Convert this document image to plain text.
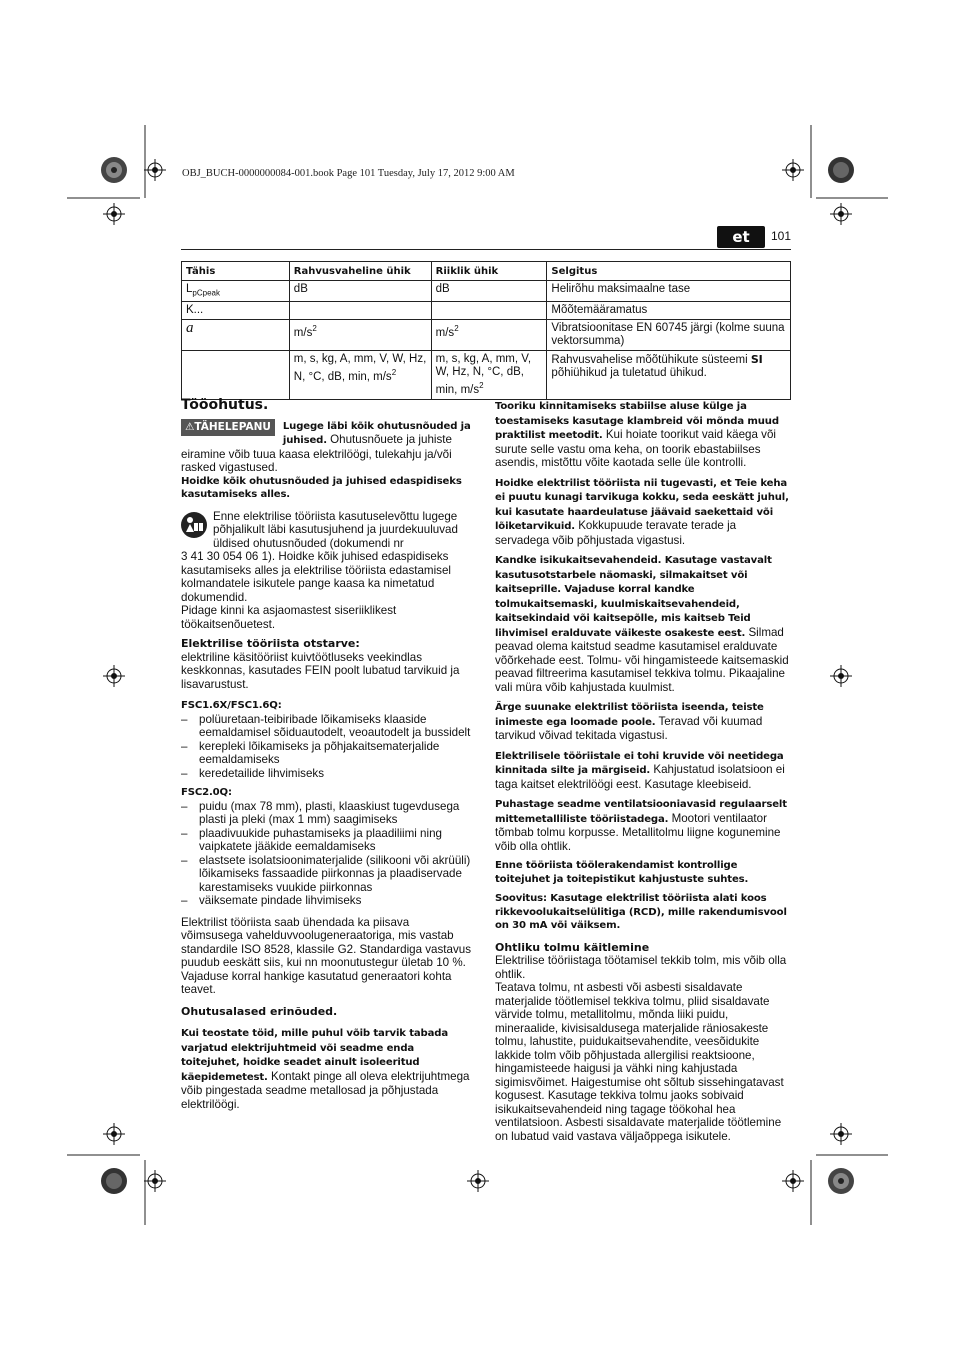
OBJ_BUCH-0000000084-001.book Page 101 Tuesday, July 17, 2012 9:00 AM
et	101
Tähis	Rahvusvaheline ühik	Riiklik ühik	Selgitus
$L_{pCpeak}$	dB	dB	Helirõhu maksimaalne tase
K...			Mõõtemääramatus
a	$m/s^2$	$m/s^2$	Vibratsioonitase EN 60745 järgi (kolme suuna vektorsumma)
	m, s, kg, A, mm, V, W, Hz, N, °C, dB, min, $m/s^2$	m, s, kg, A, mm, V, W, Hz, N, °C, dB, min, $m/s^2$	Rahvusvahelise mõõtühikute süsteemi SI põhiühikud ja tuletatud ühikud.

Tööohutus.

⚠TÄHELEPANU	Lugege läbi kõik ohutusnõuded ja juhised. Ohutusnõuete ja juhiste eiramine võib tuua kaasa elektrilöögi, tulekahju ja/või rasked vigastused.

Hoidke kõik ohutusnõuded ja juhised edaspidiseks kasutamiseks alles.

Enne elektrilise tööriista kasutuselevõttu lugege põhjalikult läbi kasutusjuhend ja juurdekuuluvad üldised ohutusnõuded (dokumendi nr

3 41 30 054 06 1). Hoidke kõik juhised edaspidiseks kasutamiseks alles ja elektrilise tööriista edastamisel kolmandatele isikutele pange kaasa ka nimetatud dokumendid.

Pidage kinni ka asjaomastest siseriiklikest töökaitsenõuetest.

Elektrilise tööriista otstarve:

elektriline käsitööriist kuivtöötluseks veekindlas keskkonnas, kasutades FEIN poolt lubatud tarvikuid ja lisavarustust.

FSC1.6X/FSC1.6Q:

– polüuretaan-teibiribade lõikamiseks klaaside eemaldamisel sõiduautodelt, veoautodelt ja bussidelt
– kerepleki lõikamiseks ja põhjakaitsematerjalide eemaldamiseks
– keredetailide lihvimiseks

FSC2.0Q:

– puidu (max 78 mm), plasti, klaaskiust tugevdusega plasti ja pleki (max 1 mm) saagimiseks
– plaadivuukide puhastamiseks ja plaadiliimi ning vaipkatete jääkide eemaldamiseks
– elastsete isolatsioonimaterjalide (silikooni või akrüüli) lõikamiseks fassaadide piirkonnas ja plaadiservade karestamiseks vuukide piirkonnas
– väiksemate pindade lihvimiseks

Elektrilist tööriista saab ühendada ka piisava võimsusega vahelduvvoolugeneraatoriga, mis vastab standardile ISO 8528, klassile G2. Standardiga vastavus puudub eeskätt siis, kui nn moonutustegur ületab 10 %. Vajaduse korral hankige kasutatud generaatori kohta teavet.

Ohutusalased erinõuded.

Kui teostate töid, mille puhul võib tarvik tabada varjatud elektrijuhtmeid või seadme enda toitejuhet, hoidke seadet ainult isoleeritud käepidemetest. Kontakt pinge all oleva elektrijuhtmega võib pingestada seadme metallosad ja põhjustada elektrilöögi.

Tooriku kinnitamiseks stabiilse aluse külge ja toestamiseks kasutage klambreid või mõnda muud praktilist meetodit. Kui hoiate toorikut vaid käega või surute selle vastu oma keha, on toorik ebastabiilses asendis, mistõttu võite kaotada selle üle kontrolli.

Hoidke elektrilist tööriista nii tugevasti, et Teie keha ei puutu kunagi tarvikuga kokku, seda eeskätt juhul, kui kasutate haardeulatuse jäävaid saekettaid või lõiketarvikuid. Kokkupuude teravate terade ja servadega võib põhjustada vigastusi.

Kandke isikukaitsevahendeid. Kasutage vastavalt kasutusotstarbele näomaski, silmakaitset või kaitseprille. Vajaduse korral kandke tolmukaitsemaski, kuulmiskaitsevahendeid, kaitsekindaid või kaitsepõlle, mis kaitseb Teid lihvimisel eralduvate väikeste osakeste eest. Silmad peavad olema kaitstud seadme kasutamisel eralduvate võõrkehade eest. Tolmu- või hingamisteede kaitsemaskid peavad filtreerima kasutamisel tekkiva tolmu. Pikaajaline vali müra võib kahjustada kuulmist.

Ärge suunake elektrilist tööriista iseenda, teiste inimeste ega loomade poole. Teravad või kuumad tarvikud võivad tekitada vigastusi.

Elektrilisele tööriistale ei tohi kruvide või neetidega kinnitada silte ja märgiseid. Kahjustatud isolatsioon ei taga kaitset elektrilöögi eest. Kasutage kleebiseid.

Puhastage seadme ventilatsiooniavasid regulaarselt mittemetalliliste tööriistadega. Mootori ventilaator tõmbab tolmu korpusse. Metallitolmu liigne kogunemine võib olla ohtlik.

Enne tööriista töölerakendamist kontrollige toitejuhet ja toitepistikut kahjustuste suhtes.

Soovitus: Kasutage elektrilist tööriista alati koos rikkevoolukaitselülitiga (RCD), mille rakendumisvool on 30 mA või väiksem.

Ohtliku tolmu käitlemine

Elektrilise tööriistaga töötamisel tekkib tolm, mis võib olla ohtlik.

Teatava tolmu, nt asbesti või asbesti sisaldavate materjalide töötlemisel tekkiva tolmu, pliid sisaldavate värvide tolmu, metallitolmu, mõnda liiki puidu, mineraalide, kivisisaldusega materjalide räniosakeste tolmu, lahustite, puidukaitsevahendite, veesõidukite lakkide tolm võib põhjustada allergilisi reaktsioone, hingamisteede haigusi ja vähki ning kahjustada sigimisvõimet. Haigestumise oht sõltub sissehingatavast kogusest. Kasutage tekkiva tolmu jaoks sobivaid isikukaitsevahendeid ning tagage töökohal hea ventilatsioon. Asbesti sisaldavate materjalide töötlemine on lubatud vaid vastava väljaõppega isikutele.
